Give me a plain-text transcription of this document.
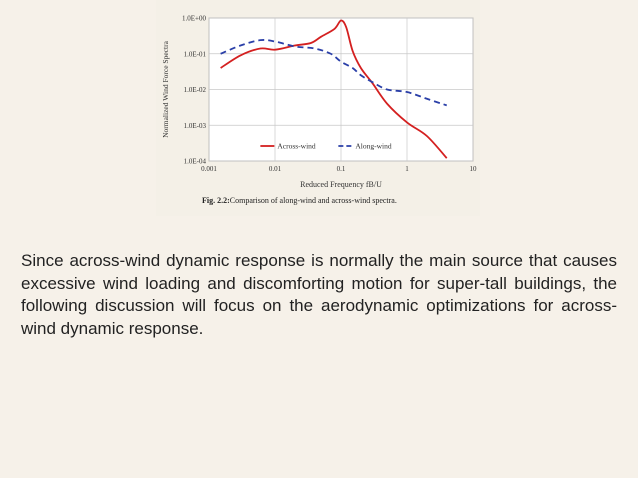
0.001	0.01	0.1	1	10
1.0E+00
1.0E-01
1.0E-02
1.0E-03
1.0E-04
Reduced Frequency fB/U
Normalized Wind Force Spectra
Across-wind	Along-wind
Fig. 2.2:Comparison of along-wind and across-wind spectra.

Since across-wind dynamic response is normally the main source that causes excessive wind loading and discomforting motion for super-tall buildings, the following discussion will focus on the aerodynamic optimizations for across-wind dynamic response.
